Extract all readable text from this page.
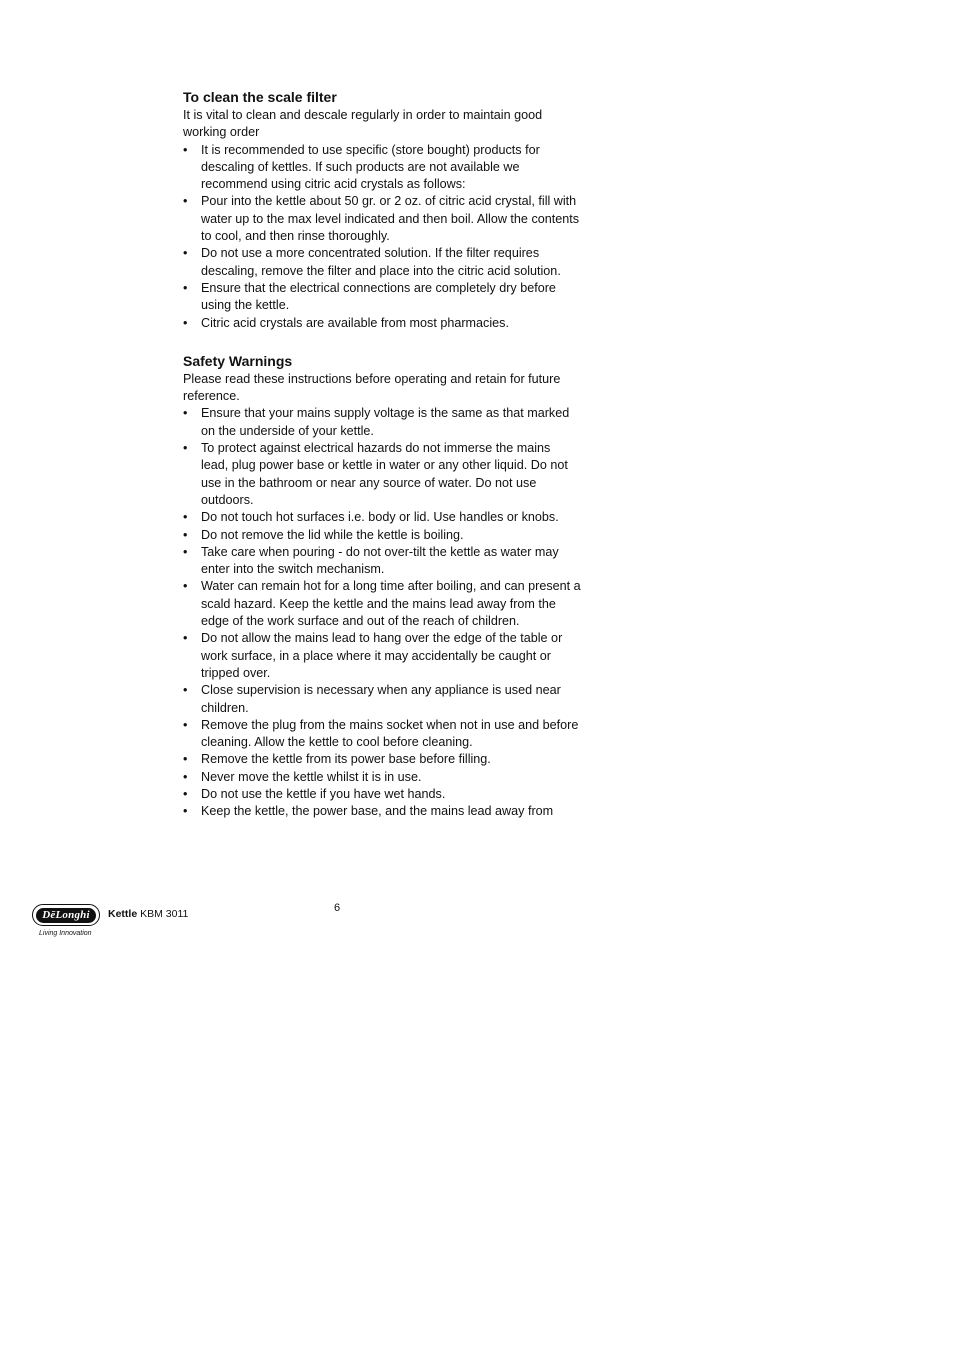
To clean the scale filter

It is vital to clean and descale regularly in order to maintain good working order

• It is recommended to use specific (store bought) products for descaling of kettles. If such products are not available we recommend using citric acid crystals as follows:
• Pour into the kettle about 50 gr. or 2 oz. of citric acid crystal, fill with water up to the max level indicated and then boil. Allow the contents to cool, and then rinse thoroughly.
• Do not use a more concentrated solution. If the filter requires descaling, remove the filter and place into the citric acid solution.
• Ensure that the electrical connections are completely dry before using the kettle.
• Citric acid crystals are available from most pharmacies.
Safety Warnings

Please read these instructions before operating and retain for future reference.

• Ensure that your mains supply voltage is the same as that marked on the underside of your kettle.
• To protect against electrical hazards do not immerse the mains lead, plug power base or kettle in water or any other liquid. Do not use in the bathroom or near any source of water. Do not use outdoors.
• Do not touch hot surfaces i.e. body or lid. Use handles or knobs.
• Do not remove the lid while the kettle is boiling.
• Take care when pouring - do not over-tilt the kettle as water may enter into the switch mechanism.
• Water can remain hot for a long time after boiling, and can present a scald hazard. Keep the kettle and the mains lead away from the edge of the work surface and out of the reach of children.
• Do not allow the mains lead to hang over the edge of the table or work surface, in a place where it may accidentally be caught or tripped over.
• Close supervision is necessary when any appliance is used near children.
• Remove the plug from the mains socket when not in use and before cleaning. Allow the kettle to cool before cleaning.
• Remove the kettle from its power base before filling.
• Never move the kettle whilst it is in use.
• Do not use the kettle if you have wet hands.
• Keep the kettle, the power base, and the mains lead away from
DēLonghi
Living Innovation
Kettle KBM 3011	6
